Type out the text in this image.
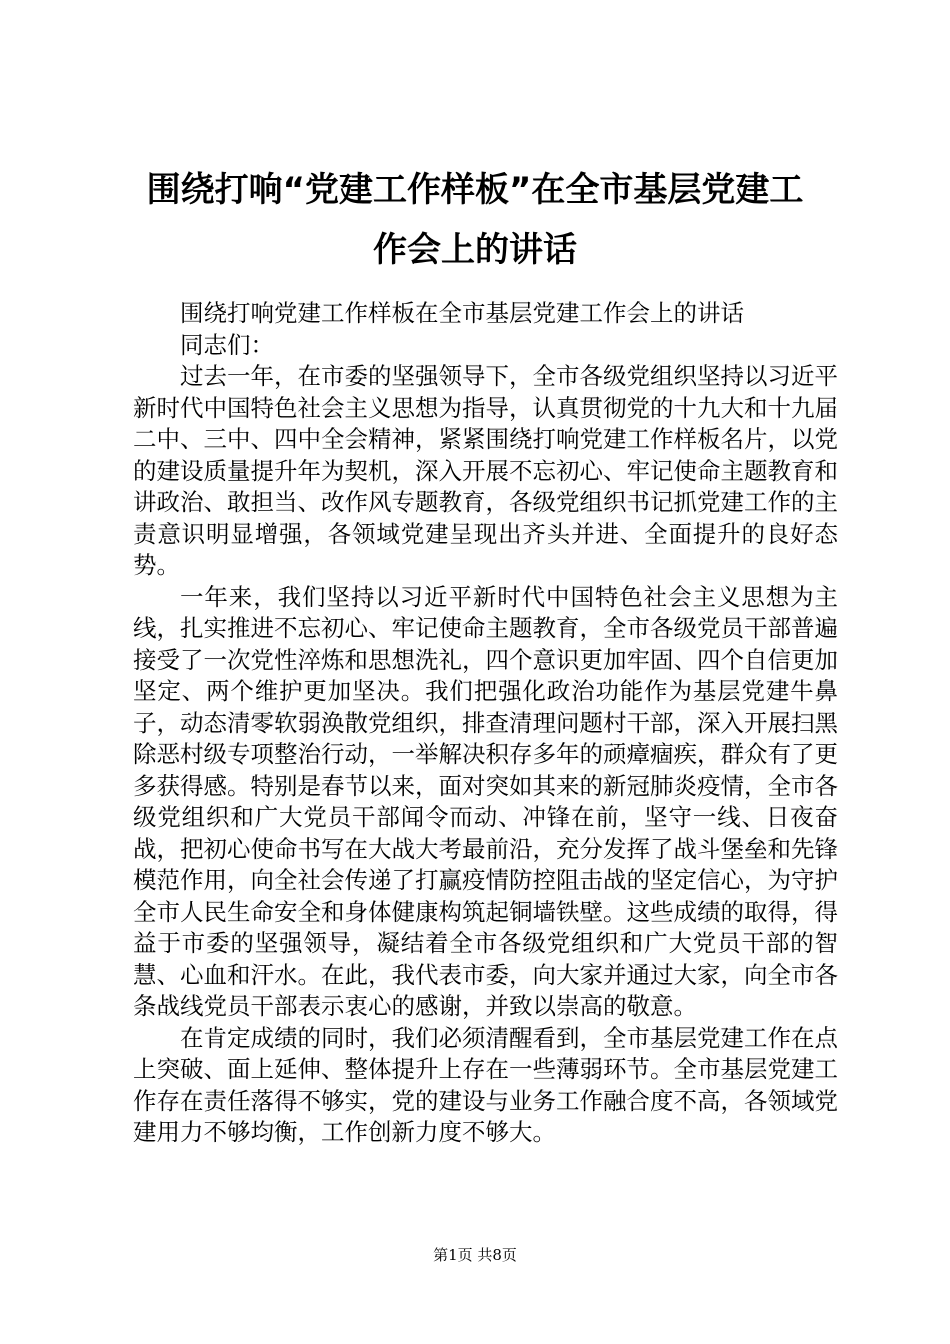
围绕打响“党建工作样板”在全市基层党建工
作会上的讲话

围绕打响党建工作样板在全市基层党建工作会上的讲话

同志们：

过去一年，在市委的坚强领导下，全市各级党组织坚持以习近平新时代中国特色社会主义思想为指导，认真贯彻党的十九大和十九届二中、三中、四中全会精神，紧紧围绕打响党建工作样板名片，以党的建设质量提升年为契机，深入开展不忘初心、牢记使命主题教育和讲政治、敢担当、改作风专题教育，各级党组织书记抓党建工作的主责意识明显增强，各领域党建呈现出齐头并进、全面提升的良好态势。

一年来，我们坚持以习近平新时代中国特色社会主义思想为主线，扎实推进不忘初心、牢记使命主题教育，全市各级党员干部普遍接受了一次党性淬炼和思想洗礼，四个意识更加牢固、四个自信更加坚定、两个维护更加坚决。我们把强化政治功能作为基层党建牛鼻子，动态清零软弱涣散党组织，排查清理问题村干部，深入开展扫黑除恶村级专项整治行动，一举解决积存多年的顽瘴痼疾，群众有了更多获得感。特别是春节以来，面对突如其来的新冠肺炎疫情，全市各级党组织和广大党员干部闻令而动、冲锋在前，坚守一线、日夜奋战，把初心使命书写在大战大考最前沿，充分发挥了战斗堡垒和先锋模范作用，向全社会传递了打赢疫情防控阻击战的坚定信心，为守护全市人民生命安全和身体健康构筑起铜墙铁壁。这些成绩的取得，得益于市委的坚强领导，凝结着全市各级党组织和广大党员干部的智慧、心血和汗水。在此，我代表市委，向大家并通过大家，向全市各条战线党员干部表示衷心的感谢，并致以崇高的敬意。

在肯定成绩的同时，我们必须清醒看到，全市基层党建工作在点上突破、面上延伸、整体提升上存在一些薄弱环节。全市基层党建工作存在责任落得不够实，党的建设与业务工作融合度不高，各领域党建用力不够均衡，工作创新力度不够大。

第1页 共8页
